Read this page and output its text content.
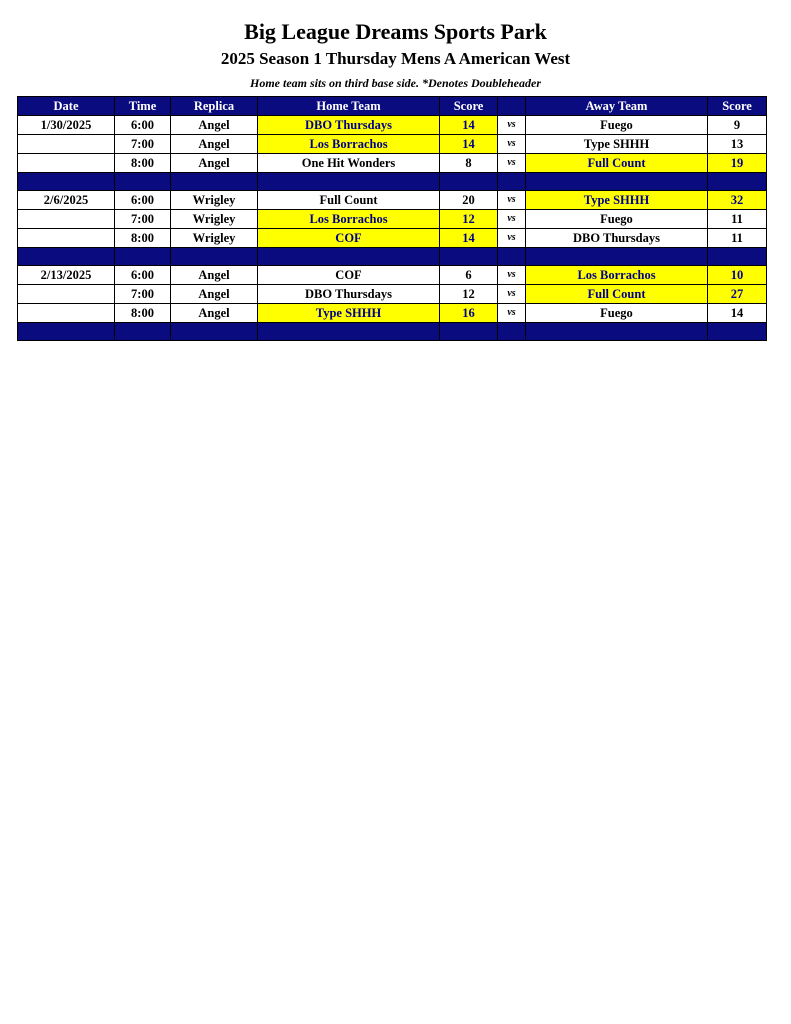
Big League Dreams Sports Park
2025 Season 1 Thursday Mens A American West
Home team sits on third base side. *Denotes Doubleheader
Date	Time	Replica	Home Team	Score		Away Team	Score
1/30/2025	6:00	Angel	DBO Thursdays	14	vs	Fuego	9
	7:00	Angel	Los Borrachos	14	vs	Type SHHH	13
	8:00	Angel	One Hit Wonders	8	vs	Full Count	19

2/6/2025	6:00	Wrigley	Full Count	20	vs	Type SHHH	32
	7:00	Wrigley	Los Borrachos	12	vs	Fuego	11
	8:00	Wrigley	COF	14	vs	DBO Thursdays	11

2/13/2025	6:00	Angel	COF	6	vs	Los Borrachos	10
	7:00	Angel	DBO Thursdays	12	vs	Full Count	27
	8:00	Angel	Type SHHH	16	vs	Fuego	14
